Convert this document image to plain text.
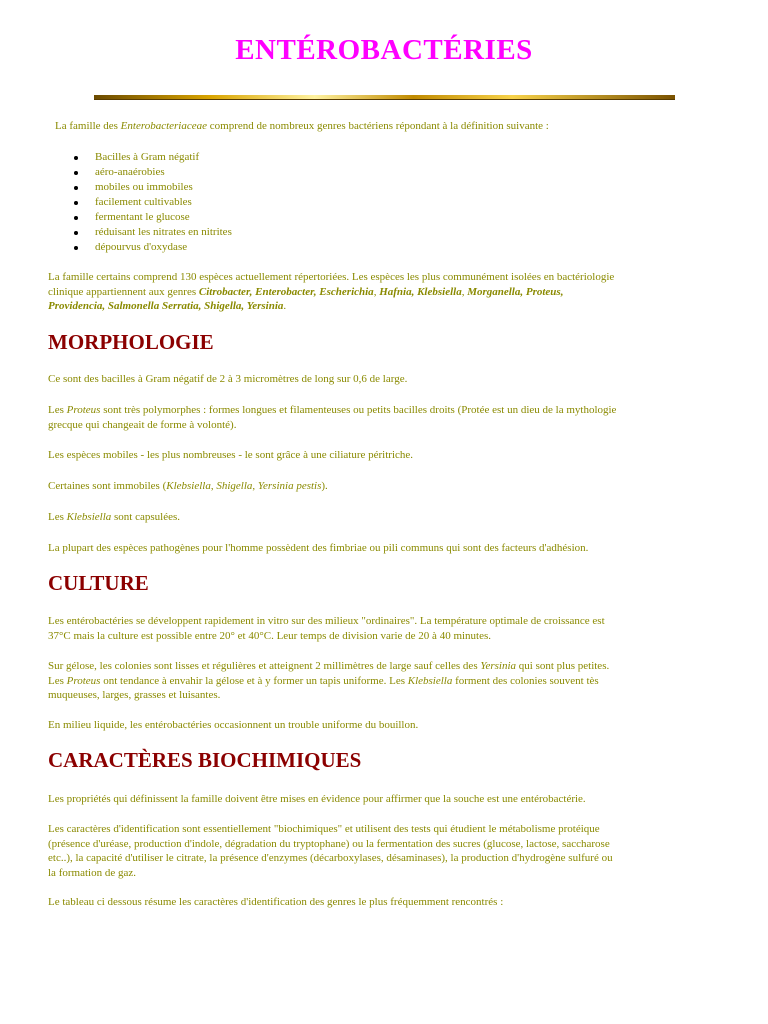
ENTÉROBACTÉRIES

La famille des Enterobacteriaceae comprend de nombreux genres bactériens répondant à la définition suivante :

Bacilles à Gram négatif
aéro-anaérobies
mobiles ou immobiles
facilement cultivables
fermentant le glucose
réduisant les nitrates en nitrites
dépourvus d'oxydase

La famille certains comprend 130 espèces actuellement répertoriées. Les espèces les plus communément isolées en bactériologie
clinique appartiennent aux genres Citrobacter, Enterobacter, Escherichia, Hafnia, Klebsiella, Morganella, Proteus,
Providencia, Salmonella Serratia, Shigella, Yersinia.

MORPHOLOGIE

Ce sont des bacilles à Gram négatif de 2 à 3 micromètres de long sur 0,6 de large.

Les Proteus sont très polymorphes : formes longues et filamenteuses ou petits bacilles droits (Protée est un dieu de la mythologie
grecque qui changeait de forme à volonté).

Les espèces mobiles - les plus nombreuses - le sont grâce à une ciliature péritriche.

Certaines sont immobiles (Klebsiella, Shigella, Yersinia pestis).

Les Klebsiella sont capsulées.

La plupart des espèces pathogènes pour l'homme possèdent des fimbriae ou pili communs qui sont des facteurs d'adhésion.

CULTURE

Les entérobactéries se développent rapidement in vitro sur des milieux "ordinaires". La température optimale de croissance est
37°C mais la culture est possible entre 20° et 40°C. Leur temps de division varie de 20 à 40 minutes.

Sur gélose, les colonies sont lisses et régulières et atteignent 2 millimètres de large sauf celles des Yersinia qui sont plus petites.
Les Proteus ont tendance à envahir la gélose et à y former un tapis uniforme. Les Klebsiella forment des colonies souvent tès
muqueuses, larges, grasses et luisantes.

En milieu liquide, les entérobactéries occasionnent un trouble uniforme du bouillon.

CARACTÈRES BIOCHIMIQUES

Les propriétés qui définissent la famille doivent être mises en évidence pour affirmer que la souche est une entérobactérie.

Les caractères d'identification sont essentiellement "biochimiques" et utilisent des tests qui étudient le métabolisme protéique
(présence d'uréase, production d'indole, dégradation du tryptophane) ou la fermentation des sucres (glucose, lactose, saccharose
etc..), la capacité d'utiliser le citrate, la présence d'enzymes (décarboxylases, désaminases), la production d'hydrogène sulfuré ou
la formation de gaz.

Le tableau ci dessous résume les caractères d'identification des genres le plus fréquemment rencontrés :
